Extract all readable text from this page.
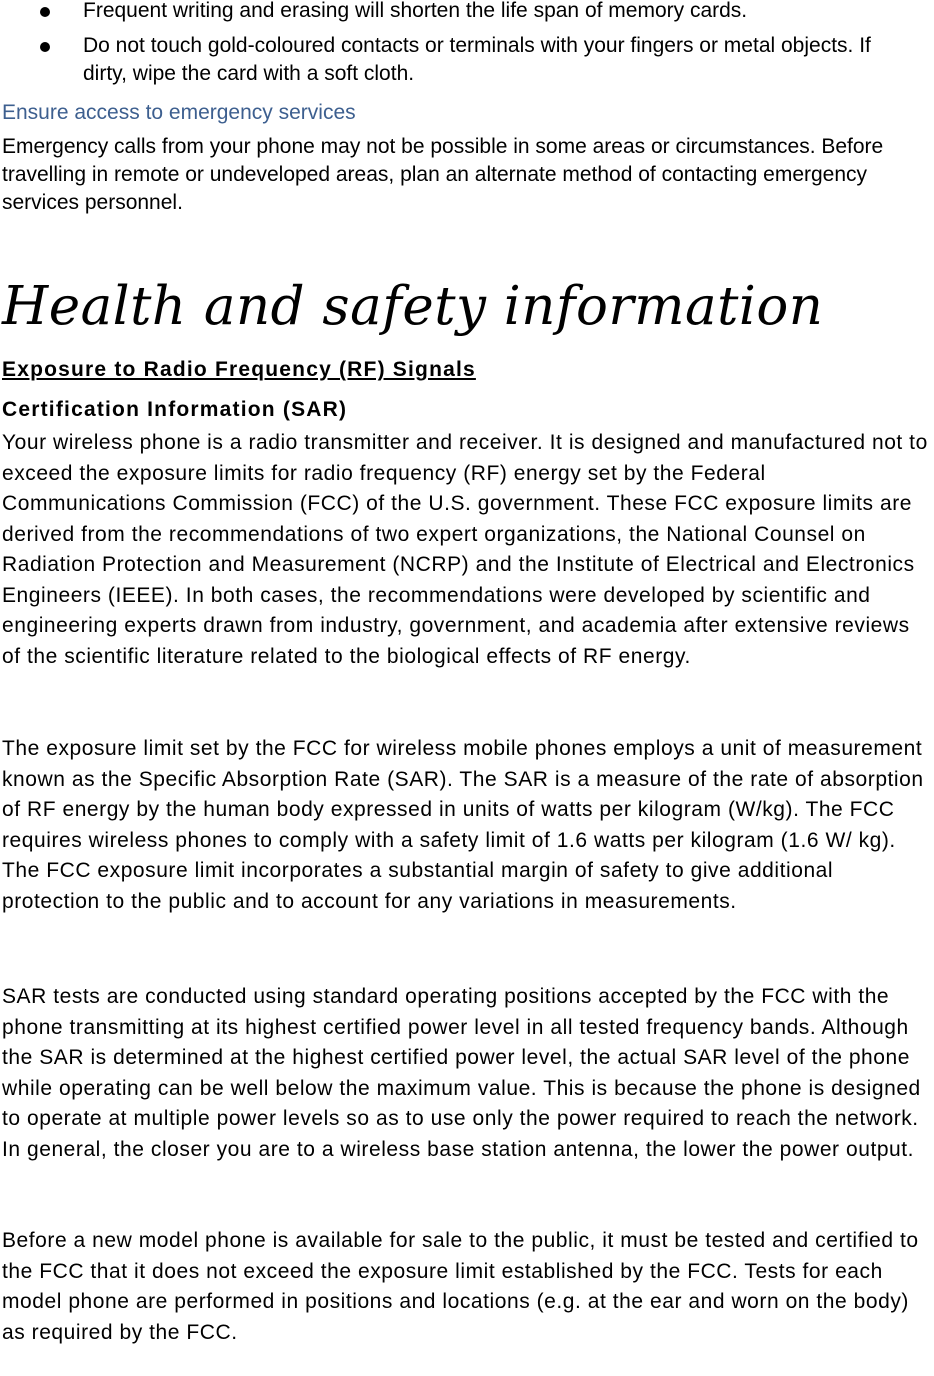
Frequent writing and erasing will shorten the life span of memory cards.
Do not touch gold-coloured contacts or terminals with your fingers or metal objects. If dirty, wipe the card with a soft cloth.
Ensure access to emergency services
Emergency calls from your phone may not be possible in some areas or circumstances. Before travelling in remote or undeveloped areas, plan an alternate method of contacting emergency services personnel.
Health and safety information
Exposure to Radio Frequency (RF) Signals
Certification Information (SAR)

Your wireless phone is a radio transmitter and receiver. It is designed and manufactured not to exceed the exposure limits for radio frequency (RF) energy set by the Federal Communications Commission (FCC) of the U.S. government. These FCC exposure limits are derived from the recommendations of two expert organizations, the National Counsel on Radiation Protection and Measurement (NCRP) and the Institute of Electrical and Electronics Engineers (IEEE). In both cases, the recommendations were developed by scientific and engineering experts drawn from industry, government, and academia after extensive reviews of the scientific literature related to the biological effects of RF energy.

The exposure limit set by the FCC for wireless mobile phones employs a unit of measurement known as the Specific Absorption Rate (SAR). The SAR is a measure of the rate of absorption of RF energy by the human body expressed in units of watts per kilogram (W/kg). The FCC requires wireless phones to comply with a safety limit of 1.6 watts per kilogram (1.6 W/ kg). The FCC exposure limit incorporates a substantial margin of safety to give additional protection to the public and to account for any variations in measurements.

SAR tests are conducted using standard operating positions accepted by the FCC with the phone transmitting at its highest certified power level in all tested frequency bands. Although the SAR is determined at the highest certified power level, the actual SAR level of the phone while operating can be well below the maximum value. This is because the phone is designed to operate at multiple power levels so as to use only the power required to reach the network. In general, the closer you are to a wireless base station antenna, the lower the power output.

Before a new model phone is available for sale to the public, it must be tested and certified to the FCC that it does not exceed the exposure limit established by the FCC. Tests for each model phone are performed in positions and locations (e.g. at the ear and worn on the body) as required by the FCC.
